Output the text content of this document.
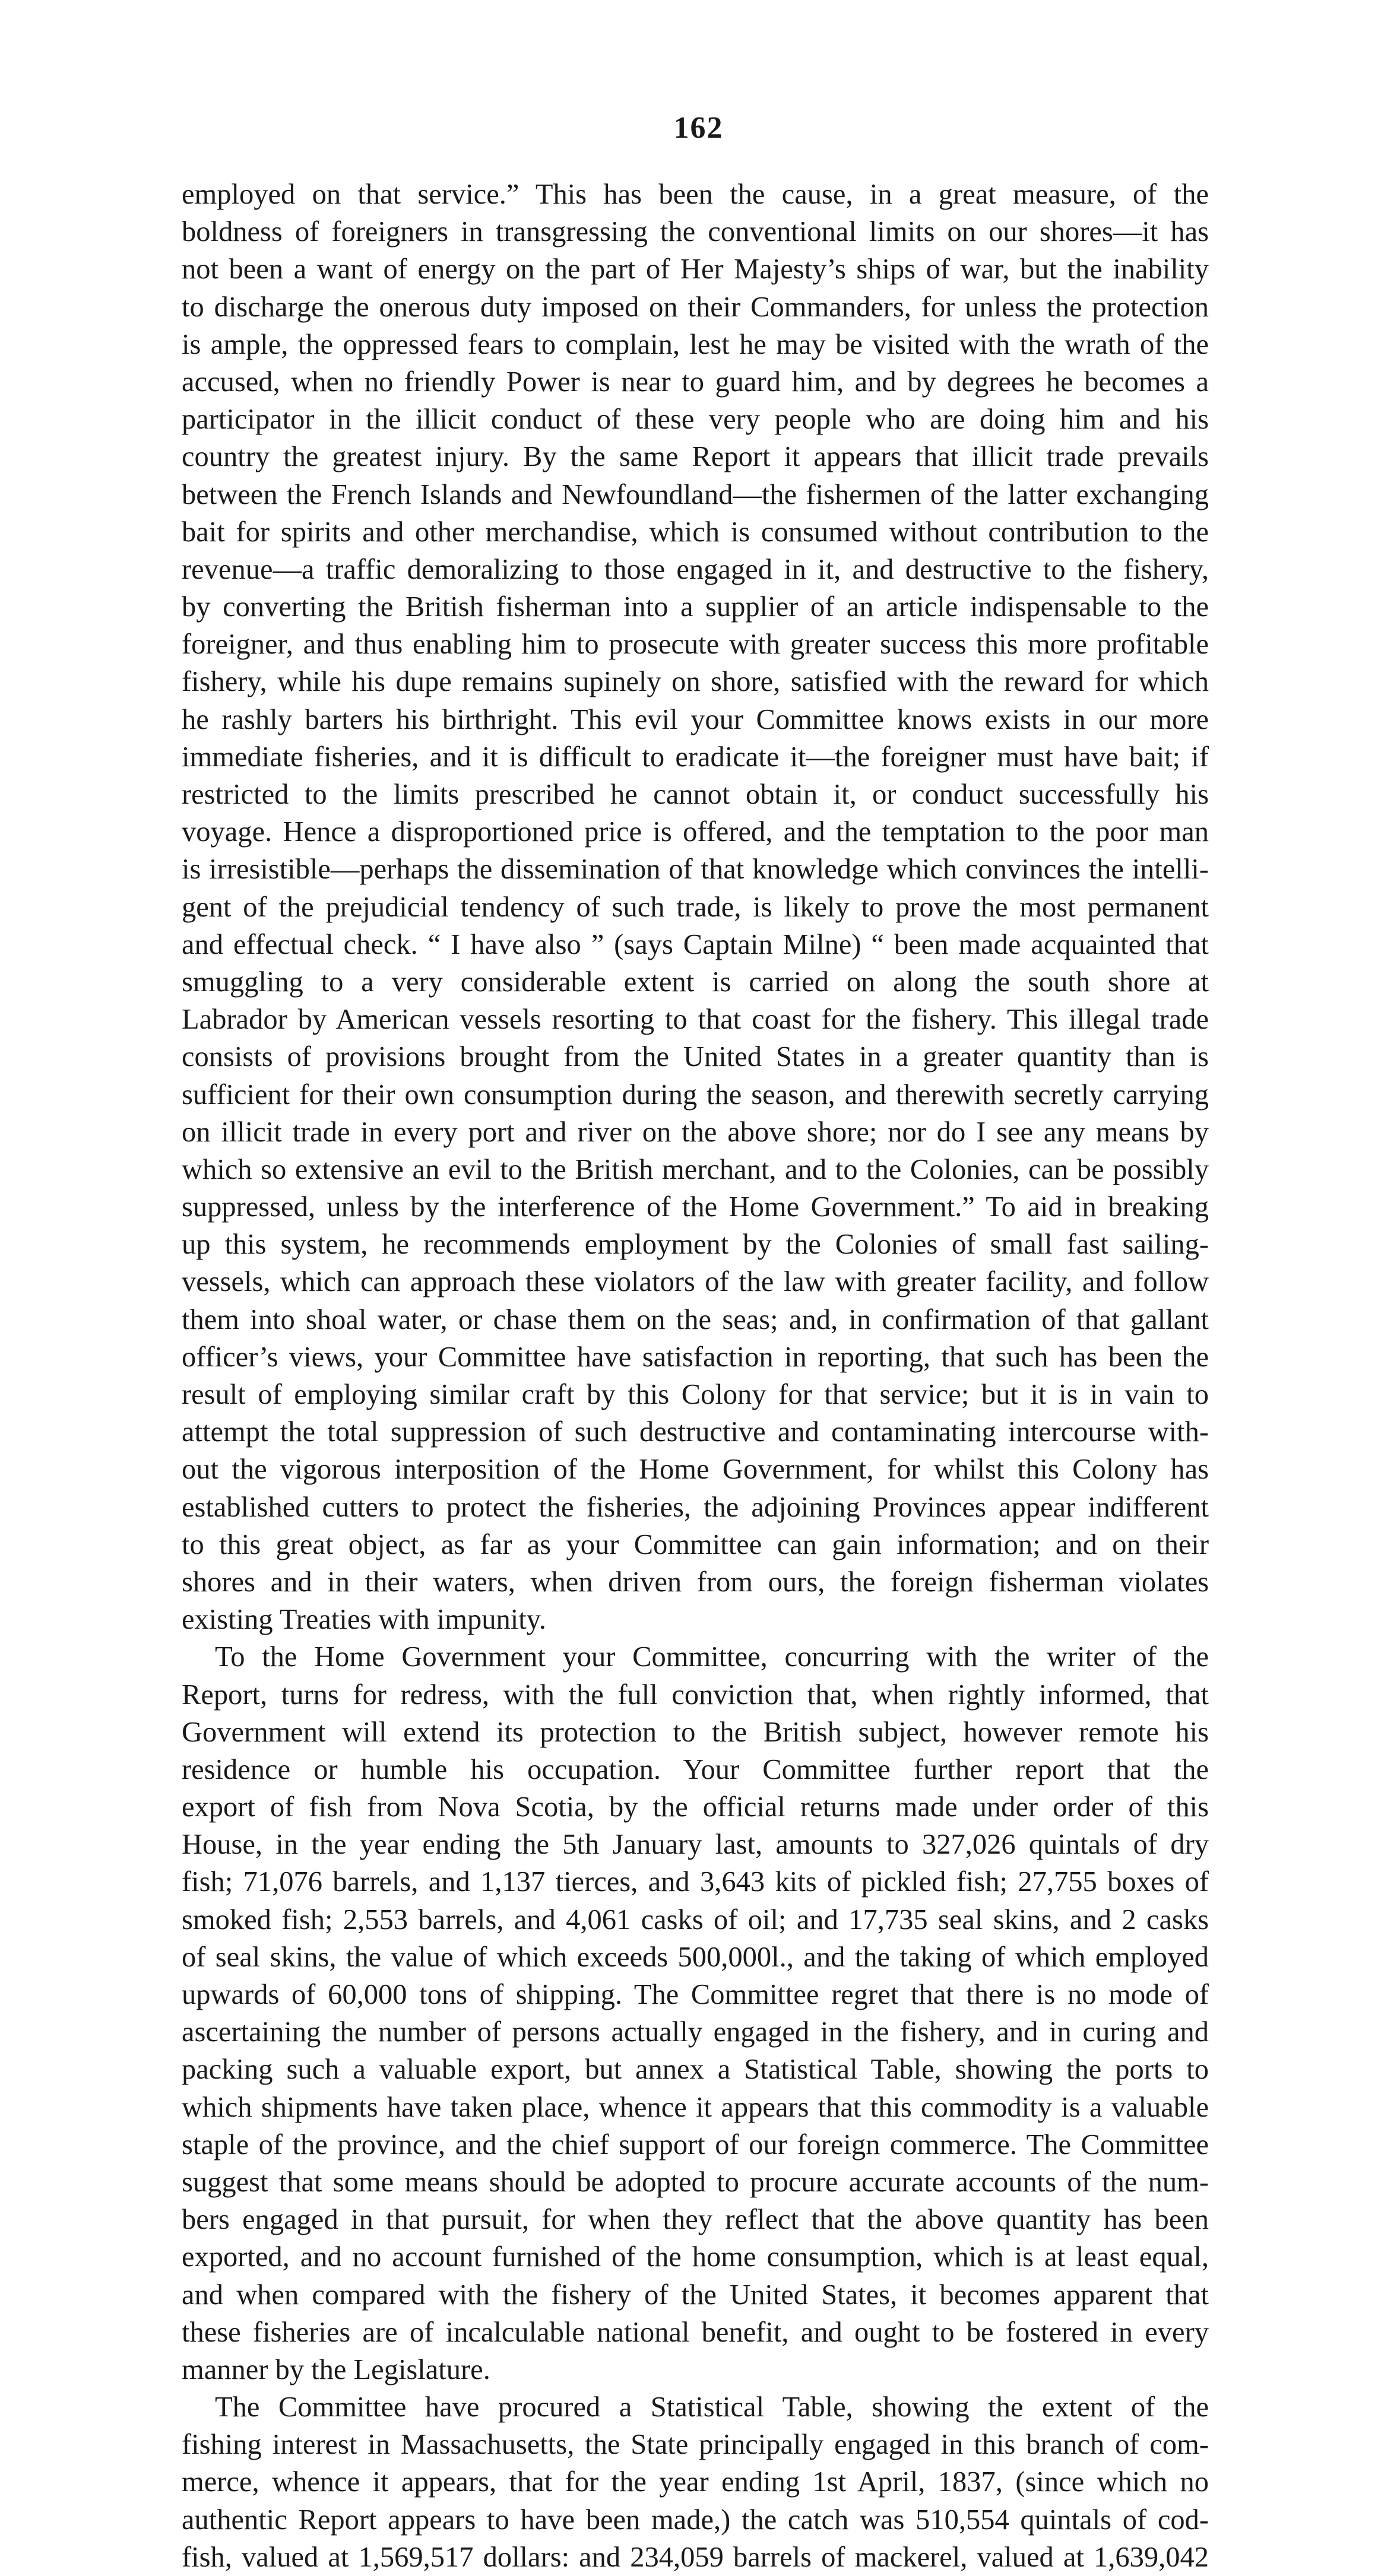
162
employed on that service.” This has been the cause, in a great measure, of the
boldness of foreigners in transgressing the conventional limits on our shores—it has
not been a want of energy on the part of Her Majesty’s ships of war, but the inability
to discharge the onerous duty imposed on their Commanders, for unless the protection
is ample, the oppressed fears to complain, lest he may be visited with the wrath of the
accused, when no friendly Power is near to guard him, and by degrees he becomes a
participator in the illicit conduct of these very people who are doing him and his
country the greatest injury. By the same Report it appears that illicit trade prevails
between the French Islands and Newfoundland—the fishermen of the latter exchanging
bait for spirits and other merchandise, which is consumed without contribution to the
revenue—a traffic demoralizing to those engaged in it, and destructive to the fishery,
by converting the British fisherman into a supplier of an article indispensable to the
foreigner, and thus enabling him to prosecute with greater success this more profitable
fishery, while his dupe remains supinely on shore, satisfied with the reward for which
he rashly barters his birthright. This evil your Committee knows exists in our more
immediate fisheries, and it is difficult to eradicate it—the foreigner must have bait; if
restricted to the limits prescribed he cannot obtain it, or conduct successfully his
voyage. Hence a disproportioned price is offered, and the temptation to the poor man
is irresistible—perhaps the dissemination of that knowledge which convinces the intelli-
gent of the prejudicial tendency of such trade, is likely to prove the most permanent
and effectual check. “ I have also ” (says Captain Milne) “ been made acquainted that
smuggling to a very considerable extent is carried on along the south shore at
Labrador by American vessels resorting to that coast for the fishery. This illegal trade
consists of provisions brought from the United States in a greater quantity than is
sufficient for their own consumption during the season, and therewith secretly carrying
on illicit trade in every port and river on the above shore; nor do I see any means by
which so extensive an evil to the British merchant, and to the Colonies, can be possibly
suppressed, unless by the interference of the Home Government.” To aid in breaking
up this system, he recommends employment by the Colonies of small fast sailing-
vessels, which can approach these violators of the law with greater facility, and follow
them into shoal water, or chase them on the seas; and, in confirmation of that gallant
officer’s views, your Committee have satisfaction in reporting, that such has been the
result of employing similar craft by this Colony for that service; but it is in vain to
attempt the total suppression of such destructive and contaminating intercourse with-
out the vigorous interposition of the Home Government, for whilst this Colony has
established cutters to protect the fisheries, the adjoining Provinces appear indifferent
to this great object, as far as your Committee can gain information; and on their
shores and in their waters, when driven from ours, the foreign fisherman violates
existing Treaties with impunity.
To the Home Government your Committee, concurring with the writer of the
Report, turns for redress, with the full conviction that, when rightly informed, that
Government will extend its protection to the British subject, however remote his
residence or humble his occupation. Your Committee further report that the
export of fish from Nova Scotia, by the official returns made under order of this
House, in the year ending the 5th January last, amounts to 327,026 quintals of dry
fish; 71,076 barrels, and 1,137 tierces, and 3,643 kits of pickled fish; 27,755 boxes of
smoked fish; 2,553 barrels, and 4,061 casks of oil; and 17,735 seal skins, and 2 casks
of seal skins, the value of which exceeds 500,000l., and the taking of which employed
upwards of 60,000 tons of shipping. The Committee regret that there is no mode of
ascertaining the number of persons actually engaged in the fishery, and in curing and
packing such a valuable export, but annex a Statistical Table, showing the ports to
which shipments have taken place, whence it appears that this commodity is a valuable
staple of the province, and the chief support of our foreign commerce. The Committee
suggest that some means should be adopted to procure accurate accounts of the num-
bers engaged in that pursuit, for when they reflect that the above quantity has been
exported, and no account furnished of the home consumption, which is at least equal,
and when compared with the fishery of the United States, it becomes apparent that
these fisheries are of incalculable national benefit, and ought to be fostered in every
manner by the Legislature.
The Committee have procured a Statistical Table, showing the extent of the
fishing interest in Massachusetts, the State principally engaged in this branch of com-
merce, whence it appears, that for the year ending 1st April, 1837, (since which no
authentic Report appears to have been made,) the catch was 510,554 quintals of cod-
fish, valued at 1,569,517 dollars: and 234,059 barrels of mackerel, valued at 1,639,042
